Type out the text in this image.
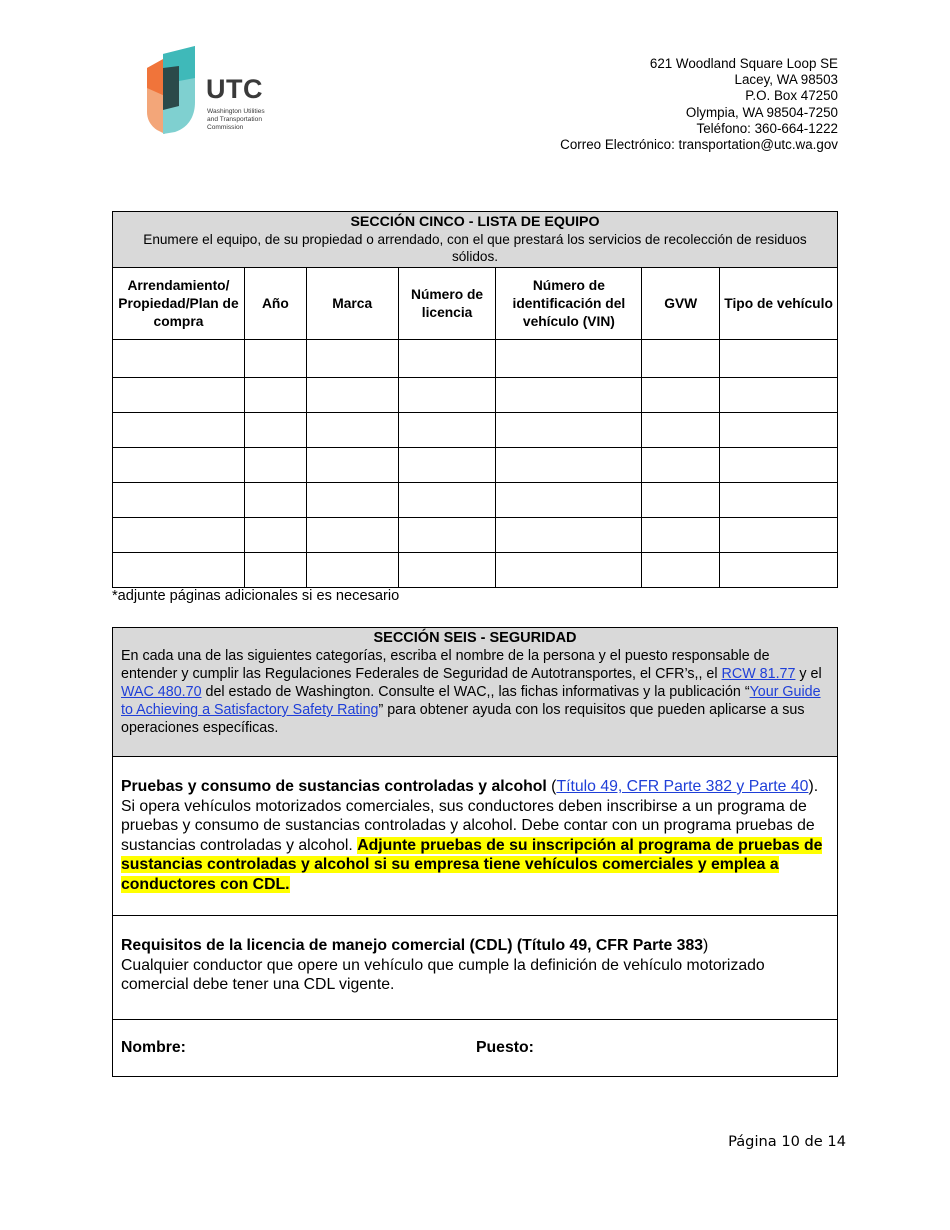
UTC
Washington Utilities
and Transportation
Commission
621 Woodland Square Loop SE
Lacey, WA 98503
P.O. Box 47250
Olympia, WA 98504-7250
Teléfono: 360-664-1222
Correo Electrónico: transportation@utc.wa.gov
SECCIÓN CINCO - LISTA DE EQUIPO
Enumere el equipo, de su propiedad o arrendado, con el que prestará los servicios de recolección de residuos sólidos.						

Arrendamiento/ Propiedad/Plan de compra	Año	Marca	Número de licencia	Número de identificación del vehículo (VIN)	GVW	Tipo de vehículo

*adjunte páginas adicionales si es necesario
SECCIÓN SEIS - SEGURIDAD
En cada una de las siguientes categorías, escriba el nombre de la persona y el puesto responsable de entender y cumplir las Regulaciones Federales de Seguridad de Autotransportes, el CFR’s,, el RCW 81.77 y el WAC 480.70 del estado de Washington. Consulte el WAC,, las fichas informativas y la publicación “Your Guide to Achieving a Satisfactory Safety Rating” para obtener ayuda con los requisitos que pueden aplicarse a sus operaciones específicas.

Pruebas y consumo de sustancias controladas y alcohol (Título 49, CFR Parte 382 y Parte 40). Si opera vehículos motorizados comerciales, sus conductores deben inscribirse a un programa de pruebas y consumo de sustancias controladas y alcohol. Debe contar con un programa pruebas de sustancias controladas y alcohol. Adjunte pruebas de su inscripción al programa de pruebas de sustancias controladas y alcohol si su empresa tiene vehículos comerciales y emplea a conductores con CDL.

Requisitos de la licencia de manejo comercial (CDL) (Título 49, CFR Parte 383)
Cualquier conductor que opere un vehículo que cumple la definición de vehículo motorizado comercial debe tener una CDL vigente.

Nombre:	Puesto:
Página 10 de 14
